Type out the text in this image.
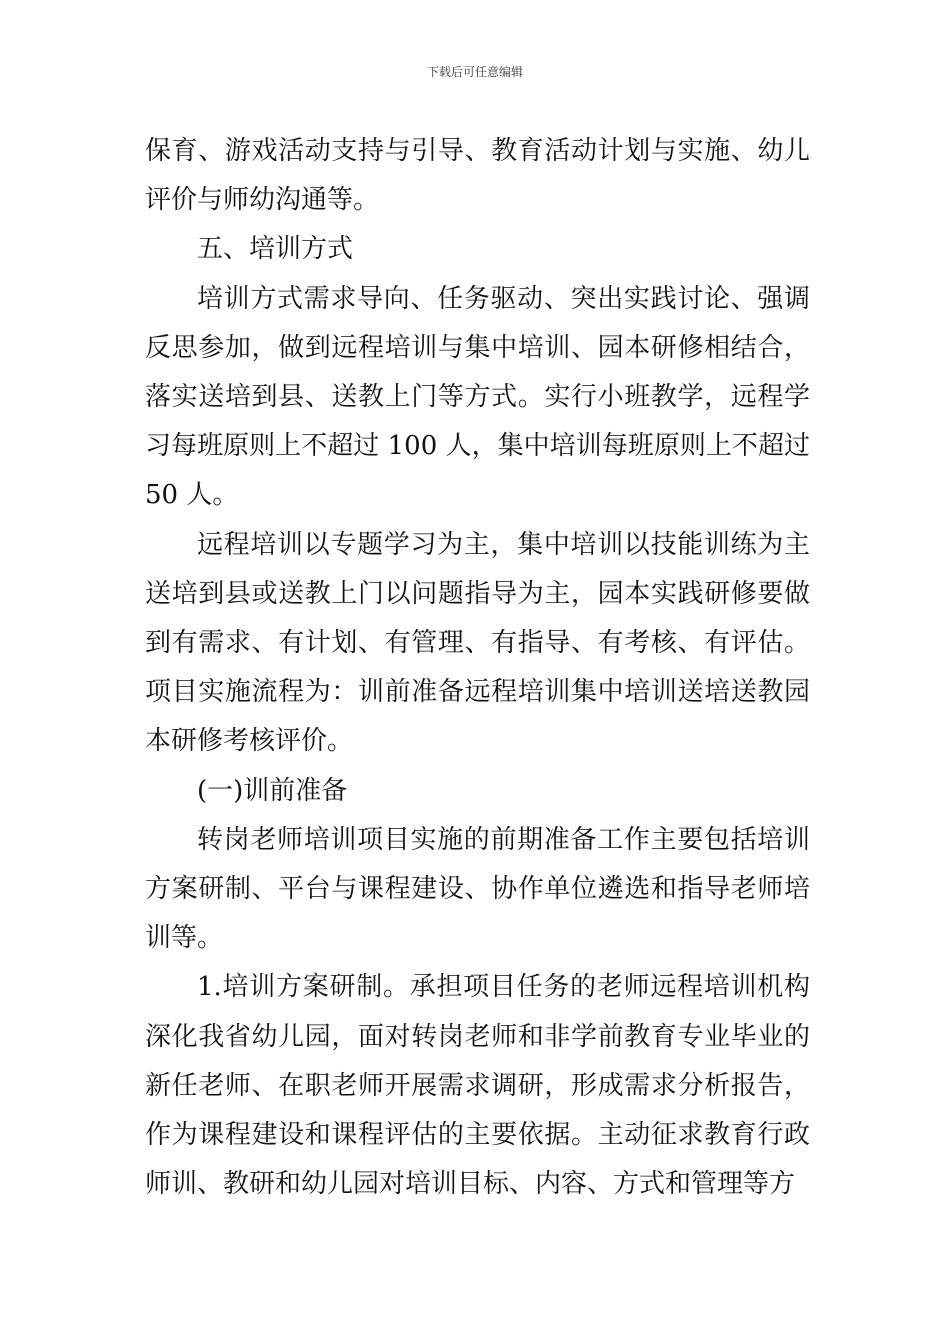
下载后可任意编辑

保育、游戏活动支持与引导、教育活动计划与实施、幼儿评价与师幼沟通等。

五、培训方式

培训方式需求导向、任务驱动、突出实践讨论、强调反思参加，做到远程培训与集中培训、园本研修相结合，落实送培到县、送教上门等方式。实行小班教学，远程学习每班原则上不超过 100 人，集中培训每班原则上不超过 50 人。

远程培训以专题学习为主，集中培训以技能训练为主送培到县或送教上门以问题指导为主，园本实践研修要做到有需求、有计划、有管理、有指导、有考核、有评估。项目实施流程为：训前准备远程培训集中培训送培送教园本研修考核评价。

(一)训前准备

转岗老师培训项目实施的前期准备工作主要包括培训方案研制、平台与课程建设、协作单位遴选和指导老师培训等。

1.培训方案研制。承担项目任务的老师远程培训机构深化我省幼儿园，面对转岗老师和非学前教育专业毕业的新任老师、在职老师开展需求调研，形成需求分析报告，作为课程建设和课程评估的主要依据。主动征求教育行政师训、教研和幼儿园对培训目标、内容、方式和管理等方
